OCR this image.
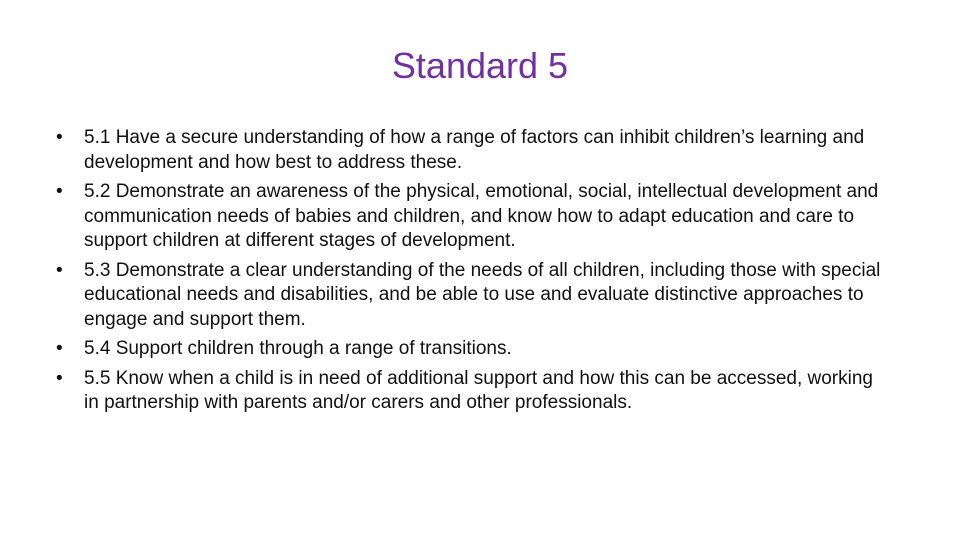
Standard 5
•	5.1 Have a secure understanding of how a range of factors can inhibit children’s learning and development and how best to address these.
•	5.2 Demonstrate an awareness of the physical, emotional, social, intellectual development and communication needs of babies and children, and know how to adapt education and care to support children at different stages of development.
•	5.3 Demonstrate a clear understanding of the needs of all children, including those with special educational needs and disabilities, and be able to use and evaluate distinctive approaches to engage and support them.
•	5.4 Support children through a range of transitions.
•	5.5 Know when a child is in need of additional support and how this can be accessed, working in partnership with parents and/or carers and other professionals.
